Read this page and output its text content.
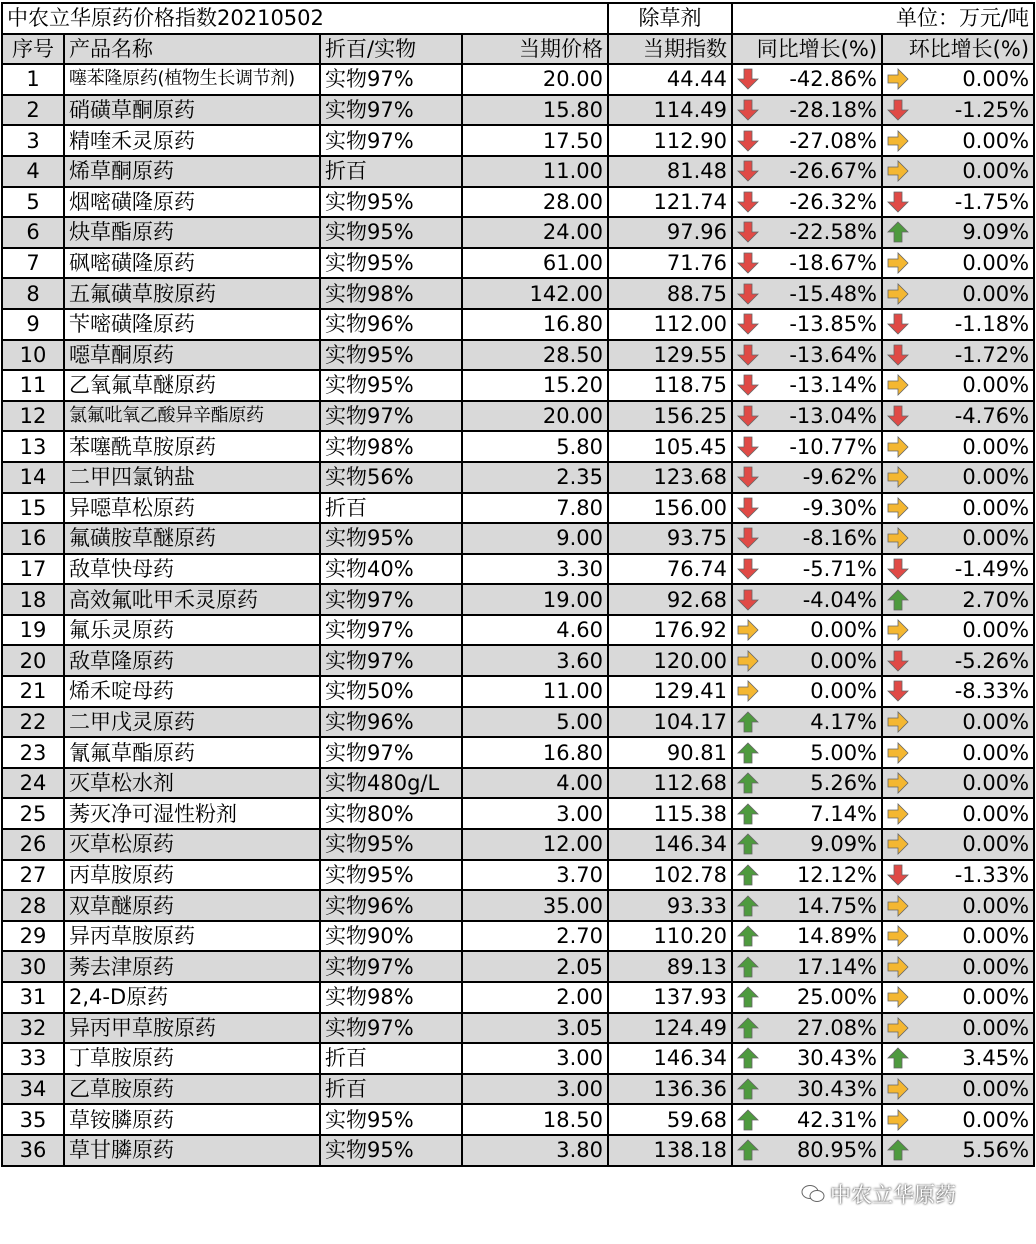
中农立华原药价格指数20210502				除草剂	单位：万元/吨	
序号	产品名称	折百/实物	当期价格	当期指数	同比增长(%)	环比增长(%)
1	噻苯隆原药(植物生长调节剂)	实物97%	20.00	44.44	-42.86%	0.00%

2	硝磺草酮原药	实物97%	15.80	114.49	-28.18%	-1.25%

3	精喹禾灵原药	实物97%	17.50	112.90	-27.08%	0.00%

4	烯草酮原药	折百	11.00	81.48	-26.67%	0.00%

5	烟嘧磺隆原药	实物95%	28.00	121.74	-26.32%	-1.75%

6	炔草酯原药	实物95%	24.00	97.96	-22.58%	9.09%

7	砜嘧磺隆原药	实物95%	61.00	71.76	-18.67%	0.00%

8	五氟磺草胺原药	实物98%	142.00	88.75	-15.48%	0.00%

9	苄嘧磺隆原药	实物96%	16.80	112.00	-13.85%	-1.18%

10	噁草酮原药	实物95%	28.50	129.55	-13.64%	-1.72%

11	乙氧氟草醚原药	实物95%	15.20	118.75	-13.14%	0.00%

12	氯氟吡氧乙酸异辛酯原药	实物97%	20.00	156.25	-13.04%	-4.76%

13	苯噻酰草胺原药	实物98%	5.80	105.45	-10.77%	0.00%

14	二甲四氯钠盐	实物56%	2.35	123.68	-9.62%	0.00%

15	异噁草松原药	折百	7.80	156.00	-9.30%	0.00%

16	氟磺胺草醚原药	实物95%	9.00	93.75	-8.16%	0.00%

17	敌草快母药	实物40%	3.30	76.74	-5.71%	-1.49%

18	高效氟吡甲禾灵原药	实物97%	19.00	92.68	-4.04%	2.70%

19	氟乐灵原药	实物97%	4.60	176.92	0.00%	0.00%

20	敌草隆原药	实物97%	3.60	120.00	0.00%	-5.26%

21	烯禾啶母药	实物50%	11.00	129.41	0.00%	-8.33%

22	二甲戊灵原药	实物96%	5.00	104.17	4.17%	0.00%

23	氰氟草酯原药	实物97%	16.80	90.81	5.00%	0.00%

24	灭草松水剂	实物480g/L	4.00	112.68	5.26%	0.00%

25	莠灭净可湿性粉剂	实物80%	3.00	115.38	7.14%	0.00%

26	灭草松原药	实物95%	12.00	146.34	9.09%	0.00%

27	丙草胺原药	实物95%	3.70	102.78	12.12%	-1.33%

28	双草醚原药	实物96%	35.00	93.33	14.75%	0.00%

29	异丙草胺原药	实物90%	2.70	110.20	14.89%	0.00%

30	莠去津原药	实物97%	2.05	89.13	17.14%	0.00%

31	2,4-D原药	实物98%	2.00	137.93	25.00%	0.00%

32	异丙甲草胺原药	实物97%	3.05	124.49	27.08%	0.00%

33	丁草胺原药	折百	3.00	146.34	30.43%	3.45%

34	乙草胺原药	折百	3.00	136.36	30.43%	0.00%

35	草铵膦原药	实物95%	18.50	59.68	42.31%	0.00%

36	草甘膦原药	实物95%	3.80	138.18	80.95%	5.56%
中农立华原药
